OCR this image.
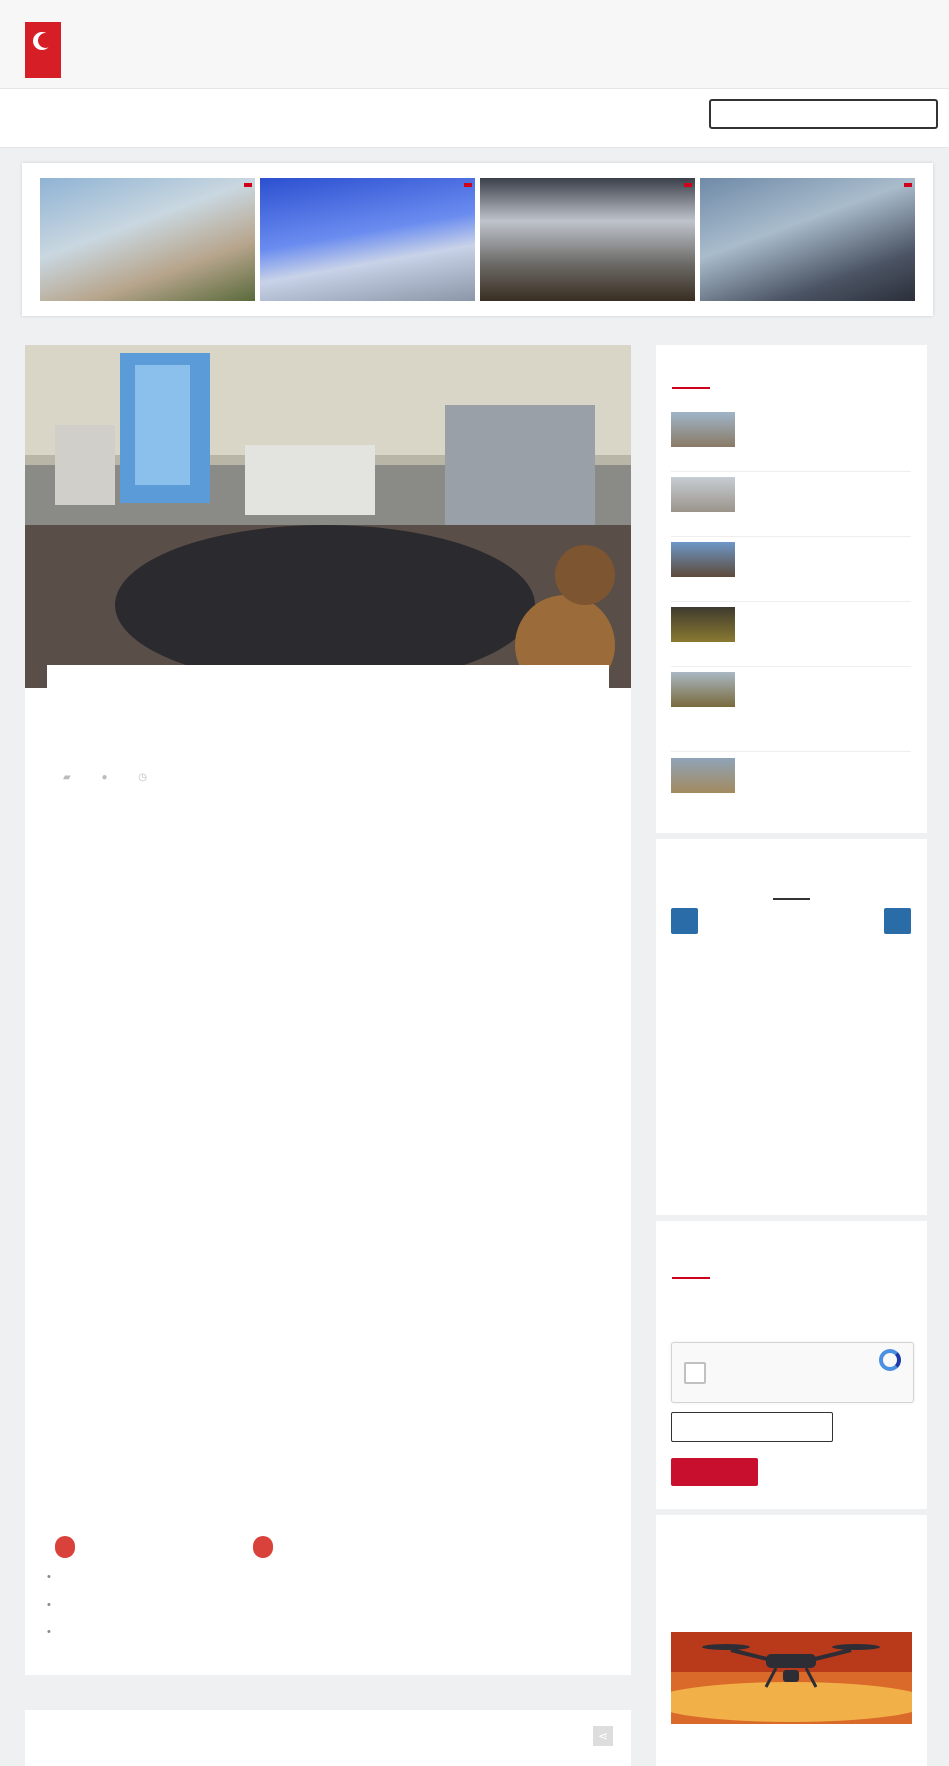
▰	●	◷
•
•
•
⋖
